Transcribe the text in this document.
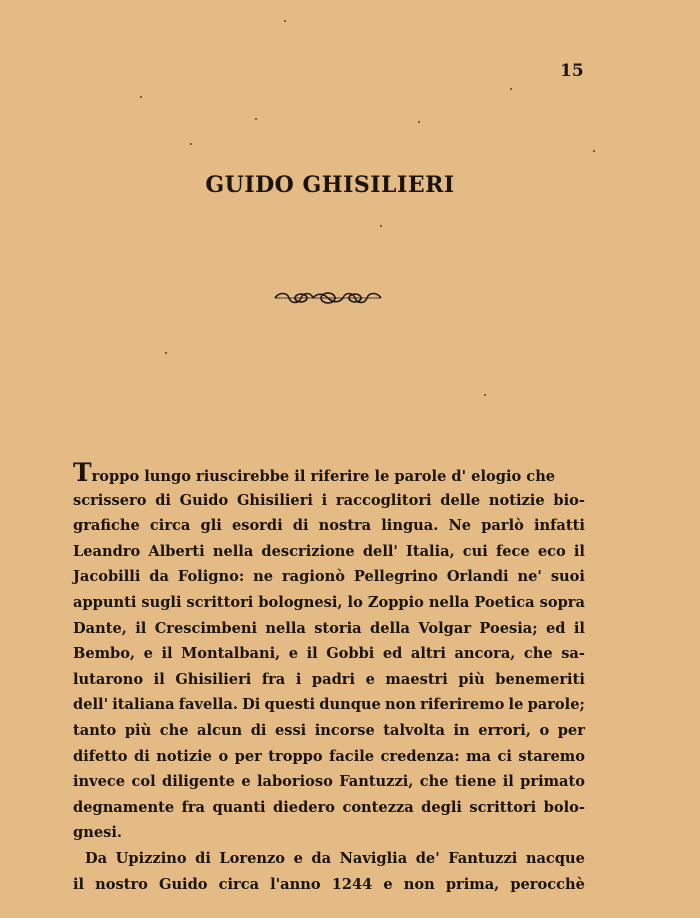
15
GUIDO GHISILIERI
Troppo lungo riuscirebbe il riferire le parole d' elogio che
scrissero di Guido Ghisilieri i raccoglitori delle notizie bio-
grafiche circa gli esordi di nostra lingua. Ne parlò infatti
Leandro Alberti nella descrizione dell' Italia, cui fece eco il
Jacobilli da Foligno: ne ragionò Pellegrino Orlandi ne' suoi
appunti sugli scrittori bolognesi, lo Zoppio nella Poetica sopra
Dante, il Crescimbeni nella storia della Volgar Poesia; ed il
Bembo, e il Montalbani, e il Gobbi ed altri ancora, che sa-
lutarono il Ghisilieri fra i padri e maestri più benemeriti
dell' italiana favella. Di questi dunque non riferiremo le parole;
tanto più che alcun di essi incorse talvolta in errori, o per
difetto di notizie o per troppo facile credenza: ma ci staremo
invece col diligente e laborioso Fantuzzi, che tiene il primato
degnamente fra quanti diedero contezza degli scrittori bolo-
gnesi.
Da Upizzino di Lorenzo e da Naviglia de' Fantuzzi nacque
il nostro Guido circa l'anno 1244 e non prima, perocchè
